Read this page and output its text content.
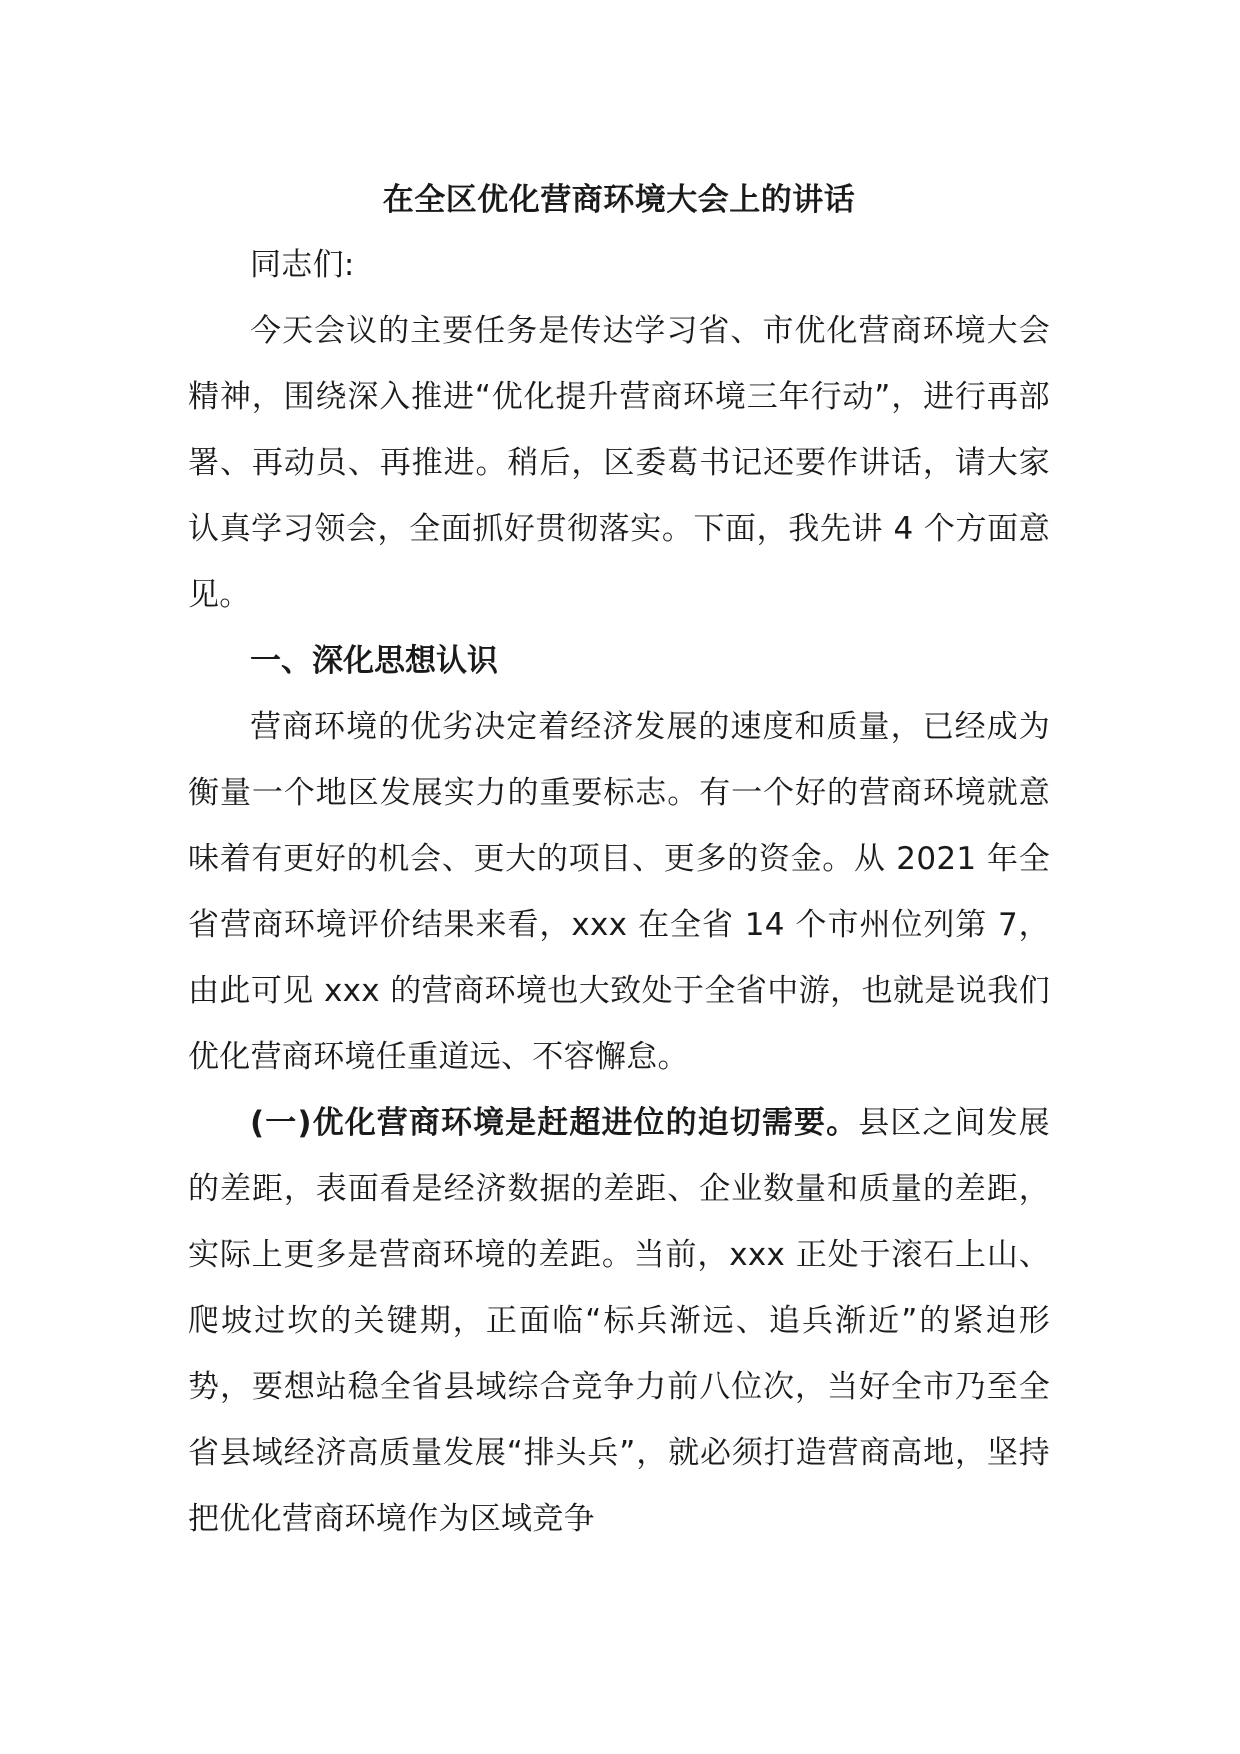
在全区优化营商环境大会上的讲话

同志们:

今天会议的主要任务是传达学习省、市优化营商环境大会精神，围绕深入推进“优化提升营商环境三年行动”，进行再部署、再动员、再推进。稍后，区委葛书记还要作讲话，请大家认真学习领会，全面抓好贯彻落实。下面，我先讲 4 个方面意见。

一、深化思想认识

营商环境的优劣决定着经济发展的速度和质量，已经成为衡量一个地区发展实力的重要标志。有一个好的营商环境就意味着有更好的机会、更大的项目、更多的资金。从 2021 年全省营商环境评价结果来看，xxx 在全省 14 个市州位列第 7，由此可见 xxx 的营商环境也大致处于全省中游，也就是说我们优化营商环境任重道远、不容懈怠。

(一)优化营商环境是赶超进位的迫切需要。县区之间发展的差距，表面看是经济数据的差距、企业数量和质量的差距，实际上更多是营商环境的差距。当前，xxx 正处于滚石上山、爬坡过坎的关键期，正面临“标兵渐远、追兵渐近”的紧迫形势，要想站稳全省县域综合竞争力前八位次，当好全市乃至全省县域经济高质量发展“排头兵”，就必须打造营商高地，坚持把优化营商环境作为区域竞争
